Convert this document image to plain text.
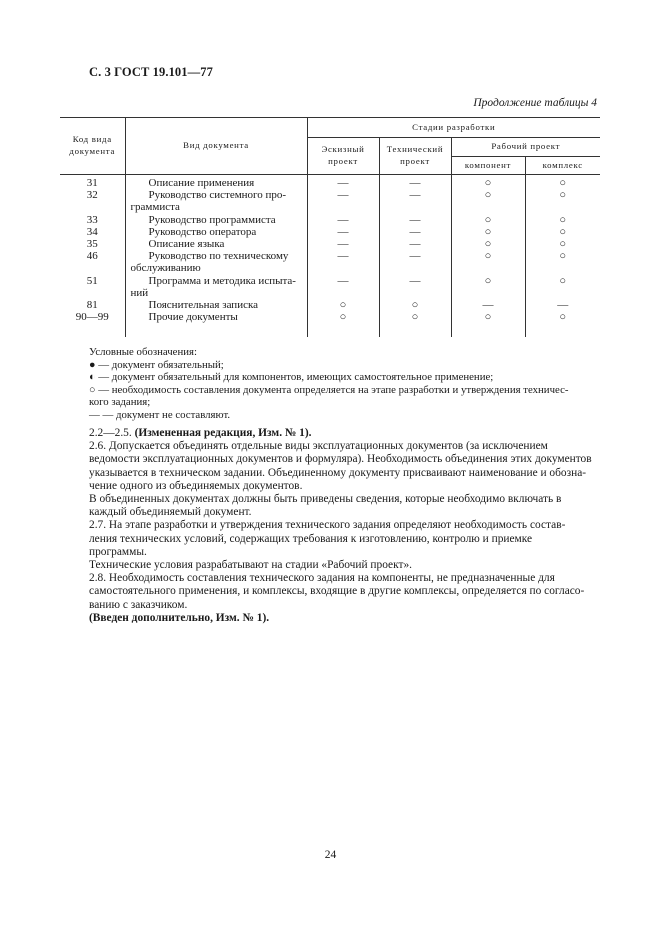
С. 3 ГОСТ 19.101—77
Продолжение таблицы 4
Код вида документа	Вид документа	Стадии разработки			
		Эскизный проект	Технический проект	Рабочий проект	
				компонент	комплекс
31	Описание применения	—	—	○	○
32	Руководство системного про-
граммиста	—	—	○	○
33	Руководство программиста	—	—	○	○
34	Руководство оператора	—	—	○	○
35	Описание языка	—	—	○	○
46	Руководство по техническому
обслуживанию	—	—	○	○
51	Программа и методика испыта-
ний	—	—	○	○
81	Пояснительная записка	○	○	—	—
90—99	Прочие документы	○	○	○	○
Условные обозначения:
● — документ обязательный;
◐ — документ обязательный для компонентов, имеющих самостоятельное применение;
○ — необходимость составления документа определяется на этапе разработки и утверждения техничес-
кого задания;
— — документ не составляют.

2.2—2.5. (Измененная редакция, Изм. № 1).

2.6. Допускается объединять отдельные виды эксплуатационных документов (за исключением
ведомости эксплуатационных документов и формуляра). Необходимость объединения этих документов
указывается в техническом задании. Объединенному документу присваивают наименование и обозна-
чение одного из объединяемых документов.

В объединенных документах должны быть приведены сведения, которые необходимо включать в
каждый объединяемый документ.

2.7. На этапе разработки и утверждения технического задания определяют необходимость состав-
ления технических условий, содержащих требования к изготовлению, контролю и приемке
программы.

Технические условия разрабатывают на стадии «Рабочий проект».

2.8. Необходимость составления технического задания на компоненты, не предназначенные для
самостоятельного применения, и комплексы, входящие в другие комплексы, определяется по согласо-
ванию с заказчиком.

(Введен дополнительно, Изм. № 1).

24
